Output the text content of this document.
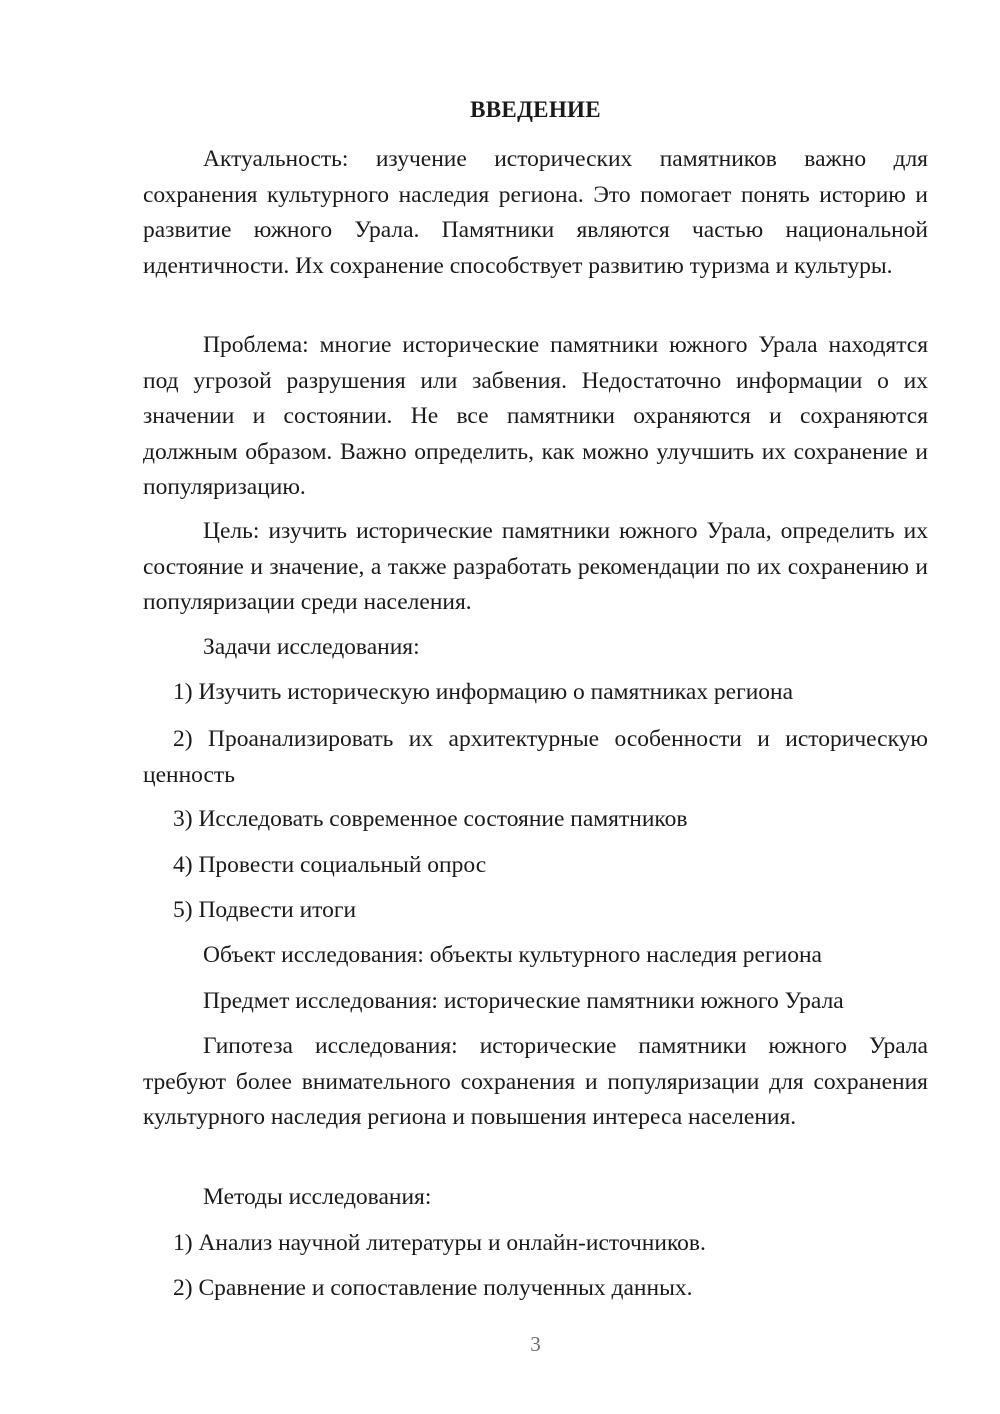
ВВЕДЕНИЕ

Актуальность: изучение исторических памятников важно для сохранения культурного наследия региона. Это помогает понять историю и развитие южного Урала. Памятники являются частью национальной идентичности. Их сохранение способствует развитию туризма и культуры.

Проблема: многие исторические памятники южного Урала находятся под угрозой разрушения или забвения. Недостаточно информации о их значении и состоянии. Не все памятники охраняются и сохраняются должным образом. Важно определить, как можно улучшить их сохранение и популяризацию.

Цель: изучить исторические памятники южного Урала, определить их состояние и значение, а также разработать рекомендации по их сохранению и популяризации среди населения.

Задачи исследования:

1) Изучить историческую информацию о памятниках региона

2) Проанализировать их архитектурные особенности и историческую ценность

3) Исследовать современное состояние памятников

4) Провести социальный опрос

5) Подвести итоги

Объект исследования: объекты культурного наследия региона

Предмет исследования: исторические памятники южного Урала

Гипотеза исследования: исторические памятники южного Урала требуют более внимательного сохранения и популяризации для сохранения культурного наследия региона и повышения интереса населения.

Методы исследования:

1) Анализ научной литературы и онлайн-источников.

2) Сравнение и сопоставление полученных данных.

3
